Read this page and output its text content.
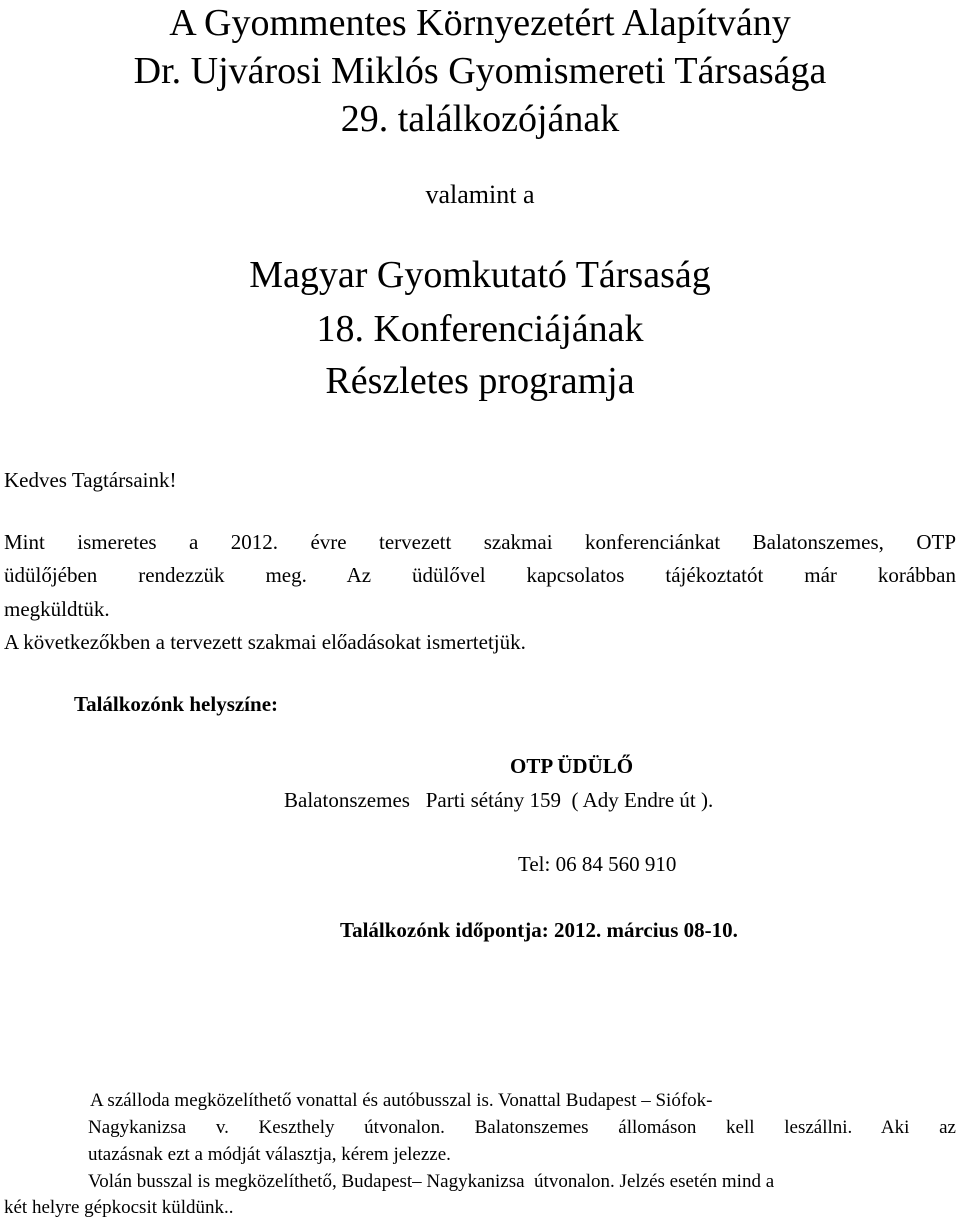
A Gyommentes Környezetért Alapítvány
Dr. Ujvárosi Miklós Gyomismereti Társasága
29. találkozójának

valamint a

Magyar Gyomkutató Társaság
18. Konferenciájának
Részletes programja

Kedves Tagtársaink!

Mint ismeretes a 2012. évre tervezett szakmai konferenciánkat Balatonszemes, OTP

üdülőjében rendezzük meg. Az üdülővel kapcsolatos tájékoztatót már korábban

megküldtük.

A következőkben a tervezett szakmai előadásokat ismertetjük.

Találkozónk helyszíne:

OTP ÜDÜLŐ

Balatonszemes   Parti sétány 159  ( Ady Endre út ).

Tel: 06 84 560 910

Találkozónk időpontja: 2012. március 08-10.

A szálloda megközelíthető vonattal és autóbusszal is. Vonattal Budapest – Siófok-

Nagykanizsa v. Keszthely útvonalon. Balatonszemes állomáson kell leszállni. Aki az

utazásnak ezt a módját választja, kérem jelezze.

Volán busszal is megközelíthető, Budapest– Nagykanizsa  útvonalon. Jelzés esetén mind a

két helyre gépkocsit küldünk..
